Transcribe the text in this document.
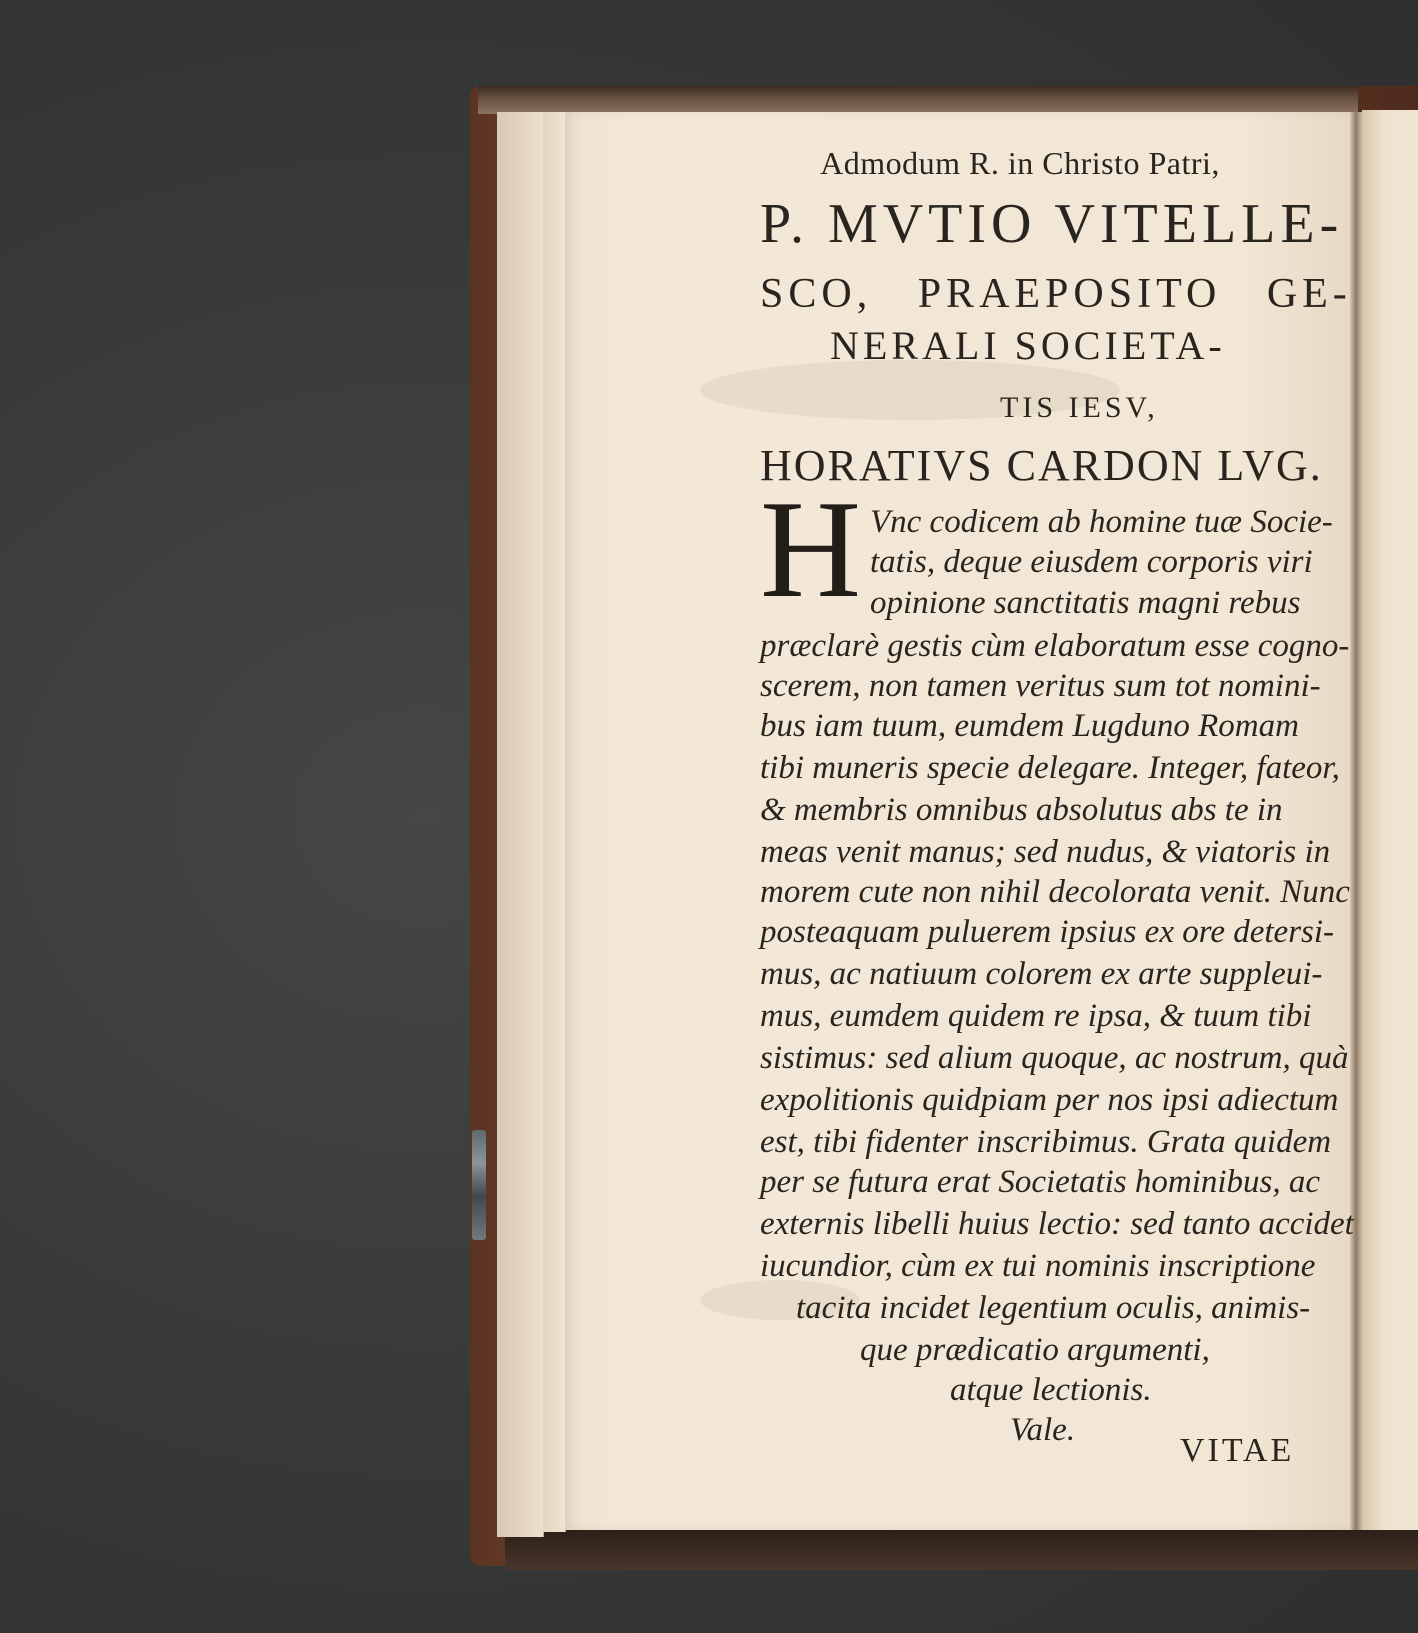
Admodum R. in Christo Patri,
P. MVTIO VITELLE-
SCO, PRAEPOSITO GE-
NERALI SOCIETA-
TIS IESV,
HORATIVS CARDON LVG.
H Vnc codicem ab homine tuæ Socie-
tatis, deque eiusdem corporis viri
opinione sanctitatis magni rebus
præclarè gestis cùm elaboratum esse cogno-
scerem, non tamen veritus sum tot nomini-
bus iam tuum, eumdem Lugduno Romam
tibi muneris specie delegare. Integer, fateor,
& membris omnibus absolutus abs te in
meas venit manus; sed nudus, & viatoris in
morem cute non nihil decolorata venit. Nunc
posteaquam puluerem ipsius ex ore detersi-
mus, ac natiuum colorem ex arte suppleui-
mus, eumdem quidem re ipsa, & tuum tibi
sistimus: sed alium quoque, ac nostrum, quà
expolitionis quidpiam per nos ipsi adiectum
est, tibi fidenter inscribimus. Grata quidem
per se futura erat Societatis hominibus, ac
externis libelli huius lectio: sed tanto accidet
iucundior, cùm ex tui nominis inscriptione
tacita incidet legentium oculis, animis-
que prædicatio argumenti,
atque lectionis.
Vale.
VITAE
